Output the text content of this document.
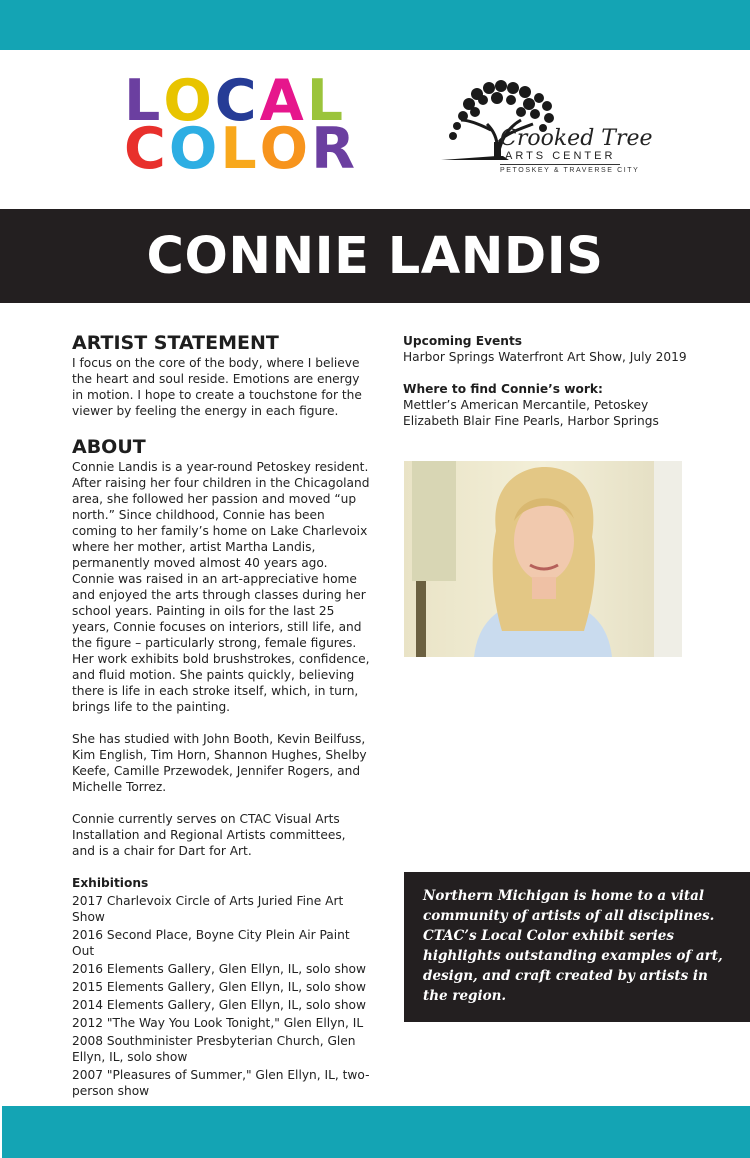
LOCAL
COLOR	Crooked Tree
ARTS CENTER
PETOSKEY & TRAVERSE CITY
CONNIE LANDIS
ARTIST STATEMENT

I focus on the core of the body, where I believe the heart and soul reside. Emotions are energy in motion. I hope to create a touchstone for the viewer by feeling the energy in each figure.

ABOUT

Connie Landis is a year-round Petoskey resident. After raising her four children in the Chicagoland area, she followed her passion and moved “up north.” Since childhood, Connie has been coming to her family’s home on Lake Charlevoix where her mother, artist Martha Landis, permanently moved almost 40 years ago. Connie was raised in an art-appreciative home and enjoyed the arts through classes during her school years. Painting in oils for the last 25 years, Connie focuses on interiors, still life, and the figure – particularly strong, female figures. Her work exhibits bold brushstrokes, confidence, and fluid motion. She paints quickly, believing there is life in each stroke itself, which, in turn, brings life to the painting.

She has studied with John Booth, Kevin Beilfuss, Kim English, Tim Horn, Shannon Hughes, Shelby Keefe, Camille Przewodek, Jennifer Rogers, and Michelle Torrez.

Connie currently serves on CTAC Visual Arts Installation and Regional Artists committees, and is a chair for Dart for Art.

Exhibitions
2017 Charlevoix Circle of Arts Juried Fine Art Show
2016 Second Place, Boyne City Plein Air Paint Out
2016 Elements Gallery, Glen Ellyn, IL, solo show
2015 Elements Gallery, Glen Ellyn, IL, solo show
2014 Elements Gallery, Glen Ellyn, IL, solo show
2012 "The Way You Look Tonight," Glen Ellyn, IL
2008 Southminister Presbyterian Church, Glen Ellyn, IL, solo show
2007 "Pleasures of Summer," Glen Ellyn, IL, two-person show
Upcoming Events

Harbor Springs Waterfront Art Show, July 2019

Where to find Connie’s work:

Mettler’s American Mercantile, Petoskey

Elizabeth Blair Fine Pearls, Harbor Springs

Northern Michigan is home to a vital community of artists of all disciplines. CTAC’s Local Color exhibit series highlights outstanding examples of art, design, and craft created by artists in the region.
